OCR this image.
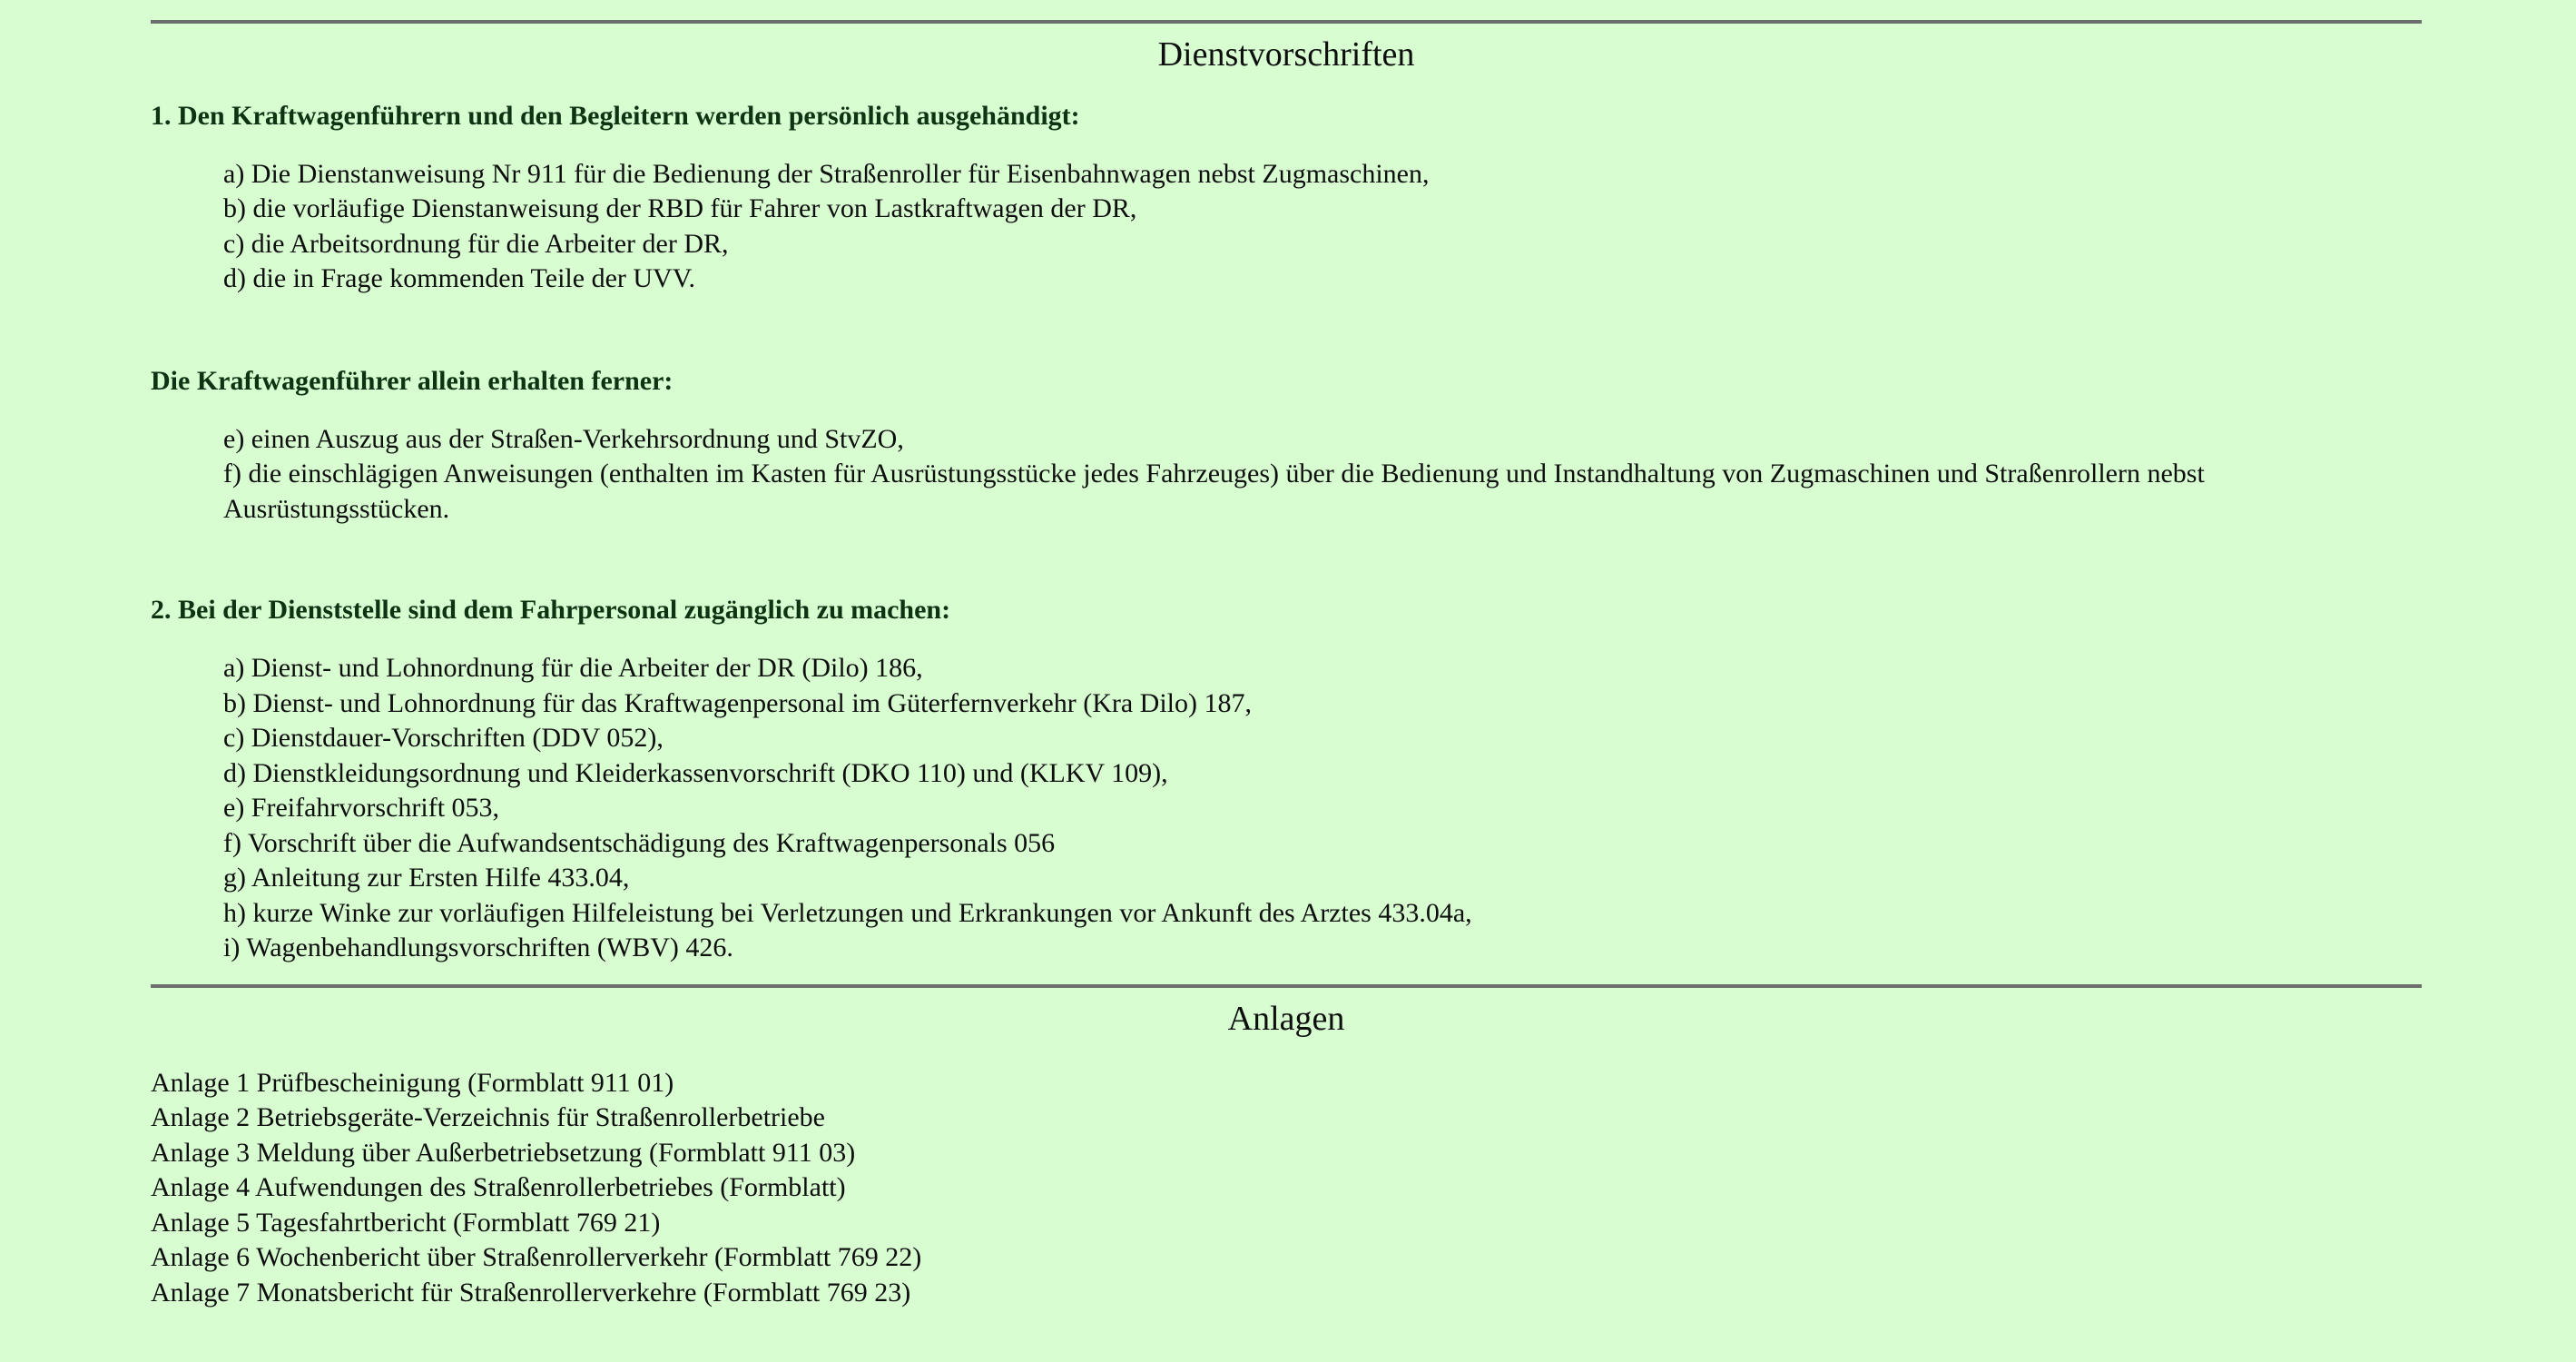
Dienstvorschriften

1. Den Kraftwagenführern und den Begleitern werden persönlich ausgehändigt:

a) Die Dienstanweisung Nr 911 für die Bedienung der Straßenroller für Eisenbahnwagen nebst Zugmaschinen,
b) die vorläufige Dienstanweisung der RBD für Fahrer von Lastkraftwagen der DR,
c) die Arbeitsordnung für die Arbeiter der DR,
d) die in Frage kommenden Teile der UVV.

Die Kraftwagenführer allein erhalten ferner:

e) einen Auszug aus der Straßen-Verkehrsordnung und StvZO,
f) die einschlägigen Anweisungen (enthalten im Kasten für Ausrüstungsstücke jedes Fahrzeuges) über die Bedienung und Instandhaltung von Zugmaschinen und Straßenrollern nebst Ausrüstungsstücken.

2. Bei der Dienststelle sind dem Fahrpersonal zugänglich zu machen:

a) Dienst- und Lohnordnung für die Arbeiter der DR (Dilo) 186,
b) Dienst- und Lohnordnung für das Kraftwagenpersonal im Güterfernverkehr (Kra Dilo) 187,
c) Dienstdauer-Vorschriften (DDV 052),
d) Dienstkleidungsordnung und Kleiderkassenvorschrift (DKO 110) und (KLKV 109),
e) Freifahrvorschrift 053,
f) Vorschrift über die Aufwandsentschädigung des Kraftwagenpersonals 056
g) Anleitung zur Ersten Hilfe 433.04,
h) kurze Winke zur vorläufigen Hilfeleistung bei Verletzungen und Erkrankungen vor Ankunft des Arztes 433.04a,
i) Wagenbehandlungsvorschriften (WBV) 426.
Anlagen
Anlage 1 Prüfbescheinigung (Formblatt 911 01)
Anlage 2 Betriebsgeräte-Verzeichnis für Straßenrollerbetriebe
Anlage 3 Meldung über Außerbetriebsetzung (Formblatt 911 03)
Anlage 4 Aufwendungen des Straßenrollerbetriebes (Formblatt)
Anlage 5 Tagesfahrtbericht (Formblatt 769 21)
Anlage 6 Wochenbericht über Straßenrollerverkehr (Formblatt 769 22)
Anlage 7 Monatsbericht für Straßenrollerverkehre (Formblatt 769 23)
